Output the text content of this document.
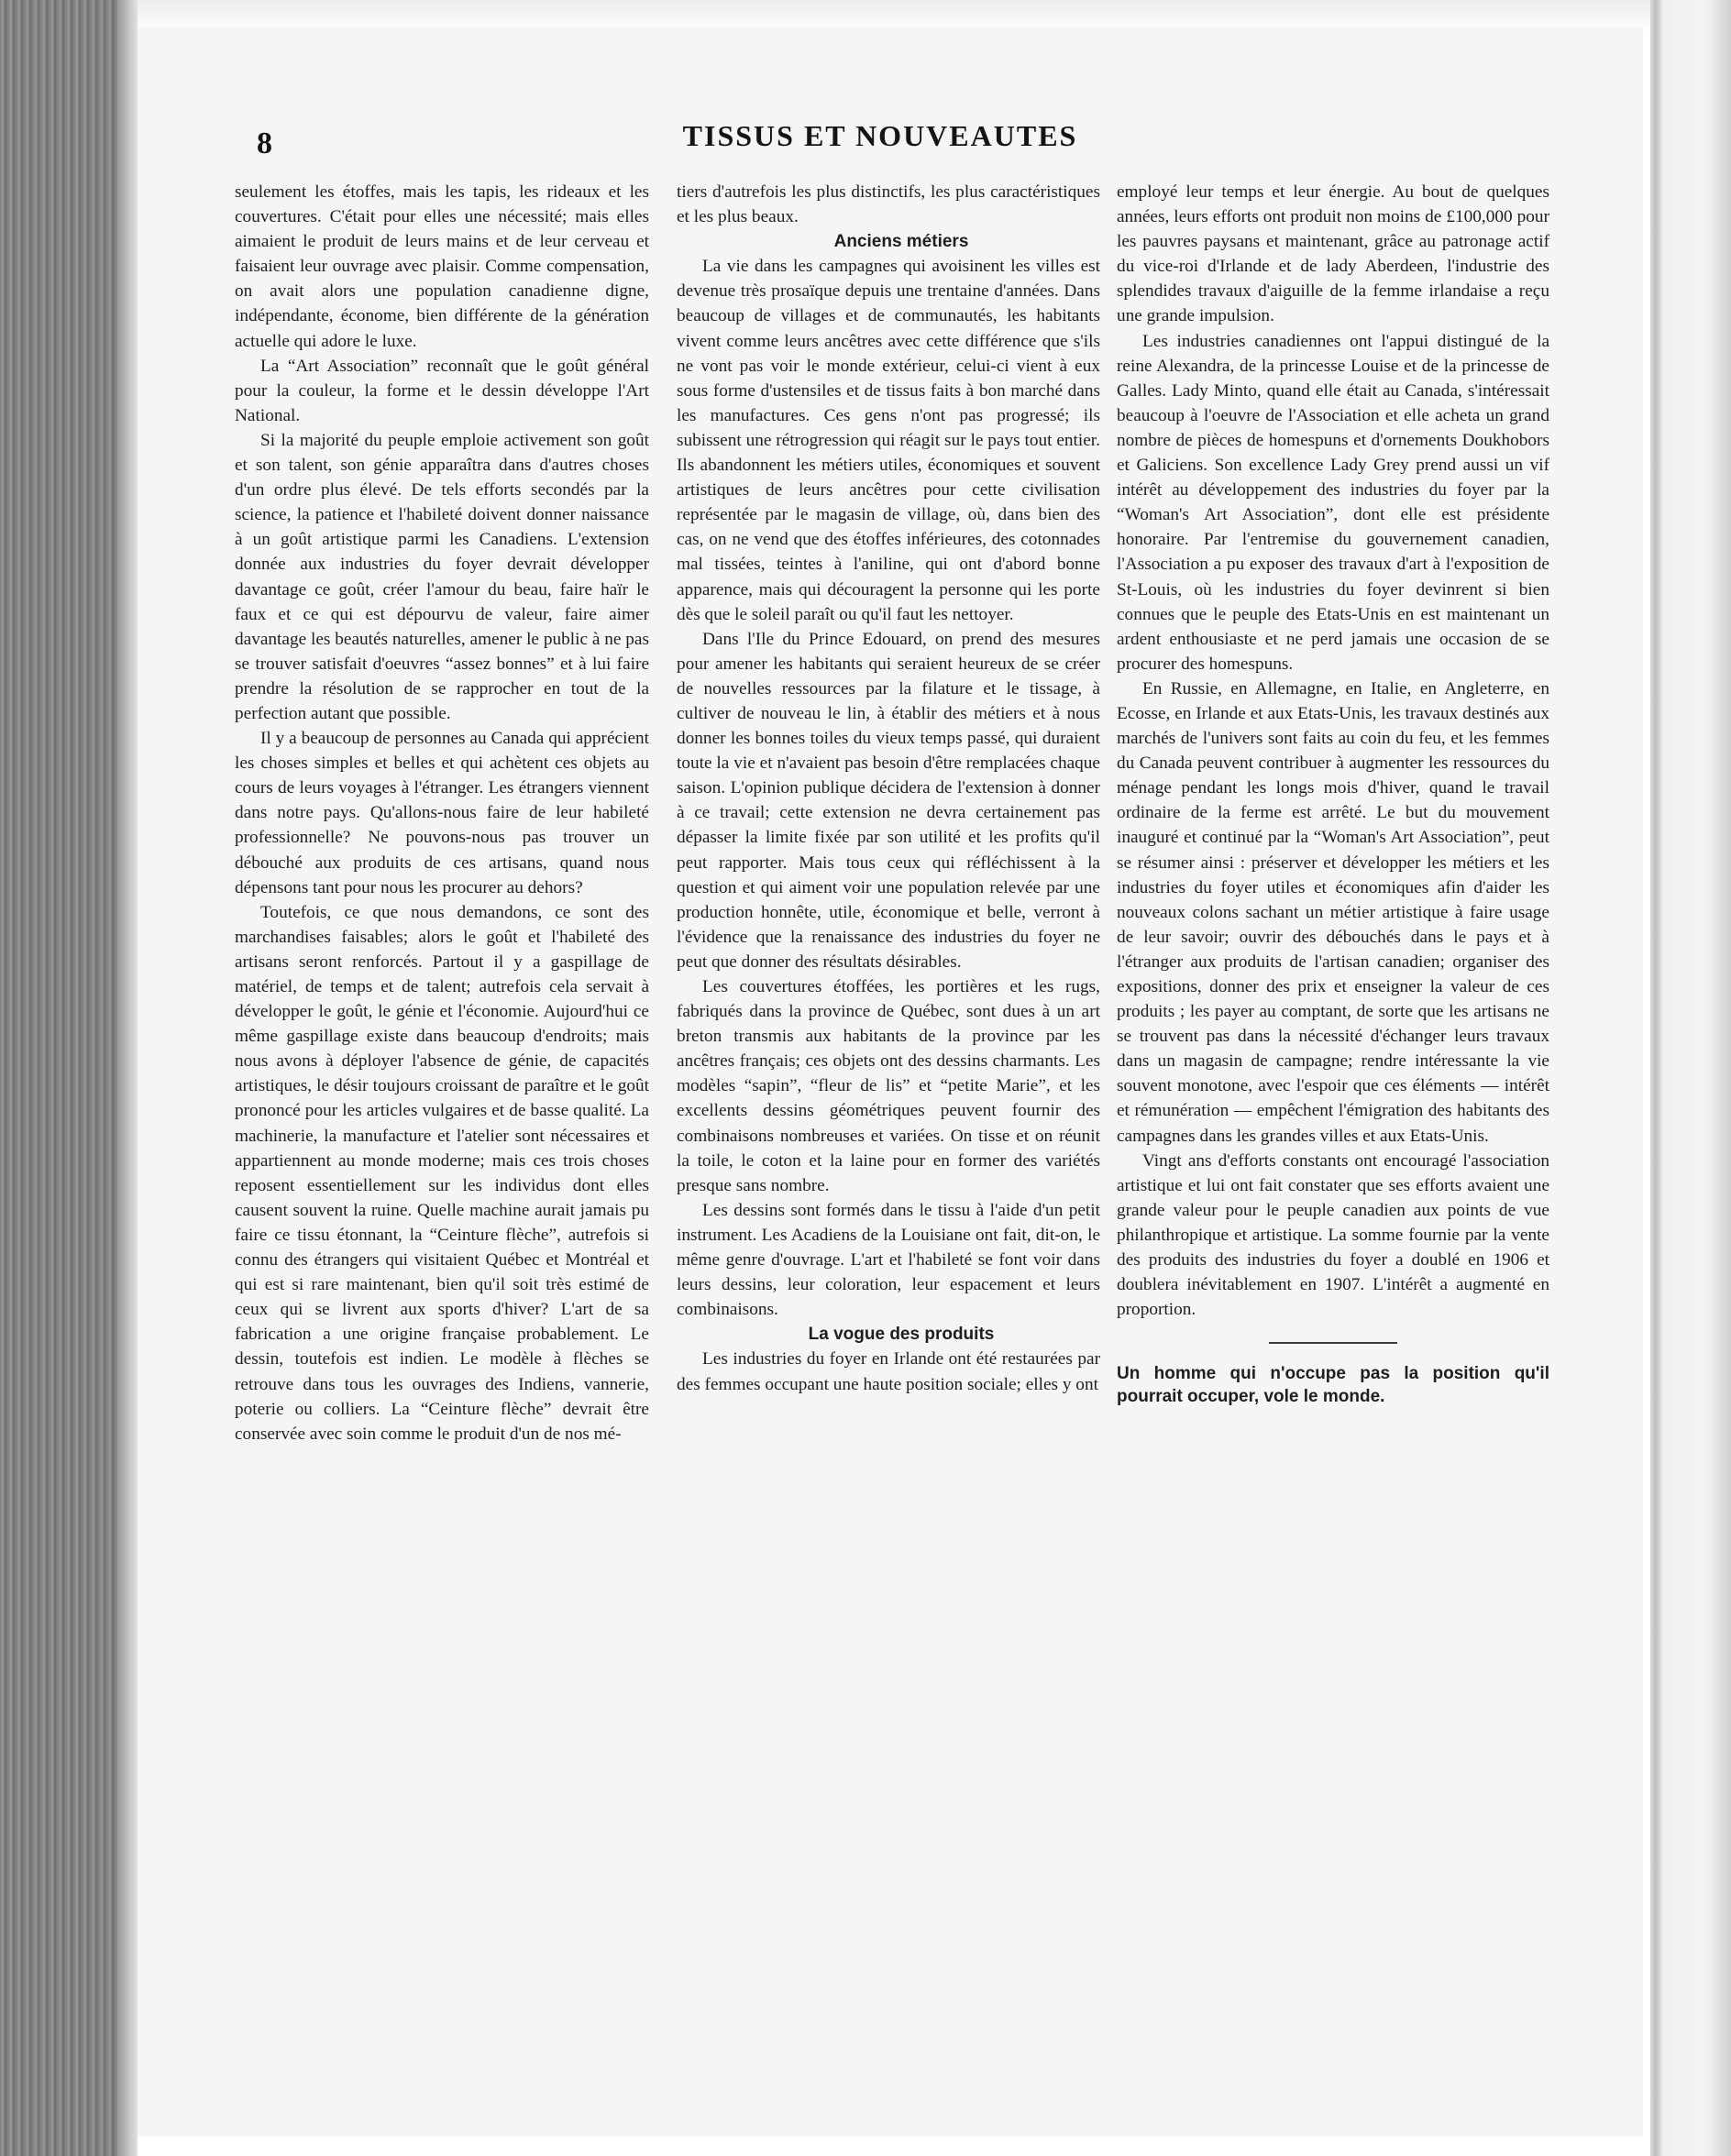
8	TISSUS ET NOUVEAUTES

seulement les étoffes, mais les tapis, les rideaux et les couvertures. C'était pour elles une nécessité; mais elles aimaient le produit de leurs mains et de leur cerveau et faisaient leur ouvrage avec plaisir. Comme compensation, on avait alors une population canadienne digne, indépendante, économe, bien différente de la génération actuelle qui adore le luxe.

La “Art Association” reconnaît que le goût général pour la couleur, la forme et le dessin développe l'Art National.

Si la majorité du peuple emploie activement son goût et son talent, son génie apparaîtra dans d'autres choses d'un ordre plus élevé. De tels efforts secondés par la science, la patience et l'habileté doivent donner naissance à un goût artistique parmi les Canadiens. L'extension donnée aux industries du foyer devrait développer davantage ce goût, créer l'amour du beau, faire haïr le faux et ce qui est dépourvu de valeur, faire aimer davantage les beautés naturelles, amener le public à ne pas se trouver satisfait d'oeuvres “assez bonnes” et à lui faire prendre la résolution de se rapprocher en tout de la perfection autant que possible.

Il y a beaucoup de personnes au Canada qui apprécient les choses simples et belles et qui achètent ces objets au cours de leurs voyages à l'étranger. Les étrangers viennent dans notre pays. Qu'allons-nous faire de leur habileté professionnelle? Ne pouvons-nous pas trouver un débouché aux produits de ces artisans, quand nous dépensons tant pour nous les procurer au dehors?

Toutefois, ce que nous demandons, ce sont des marchandises faisables; alors le goût et l'habileté des artisans seront renforcés. Partout il y a gaspillage de matériel, de temps et de talent; autrefois cela servait à développer le goût, le génie et l'économie. Aujourd'hui ce même gaspillage existe dans beaucoup d'endroits; mais nous avons à déployer l'absence de génie, de capacités artistiques, le désir toujours croissant de paraître et le goût prononcé pour les articles vulgaires et de basse qualité. La machinerie, la manufacture et l'atelier sont nécessaires et appartiennent au monde moderne; mais ces trois choses reposent essentiellement sur les individus dont elles causent souvent la ruine. Quelle machine aurait jamais pu faire ce tissu étonnant, la “Ceinture flèche”, autrefois si connu des étrangers qui visitaient Québec et Montréal et qui est si rare maintenant, bien qu'il soit très estimé de ceux qui se livrent aux sports d'hiver? L'art de sa fabrication a une origine française probablement. Le dessin, toutefois est indien. Le modèle à flèches se retrouve dans tous les ouvrages des Indiens, vannerie, poterie ou colliers. La “Ceinture flèche” devrait être conservée avec soin comme le produit d'un de nos mé-

tiers d'autrefois les plus distinctifs, les plus caractéristiques et les plus beaux.

Anciens métiers

La vie dans les campagnes qui avoisinent les villes est devenue très prosaïque depuis une trentaine d'années. Dans beaucoup de villages et de communautés, les habitants vivent comme leurs ancêtres avec cette différence que s'ils ne vont pas voir le monde extérieur, celui-ci vient à eux sous forme d'ustensiles et de tissus faits à bon marché dans les manufactures. Ces gens n'ont pas progressé; ils subissent une rétrogression qui réagit sur le pays tout entier. Ils abandonnent les métiers utiles, économiques et souvent artistiques de leurs ancêtres pour cette civilisation représentée par le magasin de village, où, dans bien des cas, on ne vend que des étoffes inférieures, des cotonnades mal tissées, teintes à l'aniline, qui ont d'abord bonne apparence, mais qui découragent la personne qui les porte dès que le soleil paraît ou qu'il faut les nettoyer.

Dans l'Ile du Prince Edouard, on prend des mesures pour amener les habitants qui seraient heureux de se créer de nouvelles ressources par la filature et le tissage, à cultiver de nouveau le lin, à établir des métiers et à nous donner les bonnes toiles du vieux temps passé, qui duraient toute la vie et n'avaient pas besoin d'être remplacées chaque saison. L'opinion publique décidera de l'extension à donner à ce travail; cette extension ne devra certainement pas dépasser la limite fixée par son utilité et les profits qu'il peut rapporter. Mais tous ceux qui réfléchissent à la question et qui aiment voir une population relevée par une production honnête, utile, économique et belle, verront à l'évidence que la renaissance des industries du foyer ne peut que donner des résultats désirables.

Les couvertures étoffées, les portières et les rugs, fabriqués dans la province de Québec, sont dues à un art breton transmis aux habitants de la province par les ancêtres français; ces objets ont des dessins charmants. Les modèles “sapin”, “fleur de lis” et “petite Marie”, et les excellents dessins géométriques peuvent fournir des combinaisons nombreuses et variées. On tisse et on réunit la toile, le coton et la laine pour en former des variétés presque sans nombre.

Les dessins sont formés dans le tissu à l'aide d'un petit instrument. Les Acadiens de la Louisiane ont fait, dit-on, le même genre d'ouvrage. L'art et l'habileté se font voir dans leurs dessins, leur coloration, leur espacement et leurs combinaisons.

La vogue des produits

Les industries du foyer en Irlande ont été restaurées par des femmes occupant une haute position sociale; elles y ont

employé leur temps et leur énergie. Au bout de quelques années, leurs efforts ont produit non moins de £100,000 pour les pauvres paysans et maintenant, grâce au patronage actif du vice-roi d'Irlande et de lady Aberdeen, l'industrie des splendides travaux d'aiguille de la femme irlandaise a reçu une grande impulsion.

Les industries canadiennes ont l'appui distingué de la reine Alexandra, de la princesse Louise et de la princesse de Galles. Lady Minto, quand elle était au Canada, s'intéressait beaucoup à l'oeuvre de l'Association et elle acheta un grand nombre de pièces de homespuns et d'ornements Doukhobors et Galiciens. Son excellence Lady Grey prend aussi un vif intérêt au développement des industries du foyer par la “Woman's Art Association”, dont elle est présidente honoraire. Par l'entremise du gouvernement canadien, l'Association a pu exposer des travaux d'art à l'exposition de St-Louis, où les industries du foyer devinrent si bien connues que le peuple des Etats-Unis en est maintenant un ardent enthousiaste et ne perd jamais une occasion de se procurer des homespuns.

En Russie, en Allemagne, en Italie, en Angleterre, en Ecosse, en Irlande et aux Etats-Unis, les travaux destinés aux marchés de l'univers sont faits au coin du feu, et les femmes du Canada peuvent contribuer à augmenter les ressources du ménage pendant les longs mois d'hiver, quand le travail ordinaire de la ferme est arrêté. Le but du mouvement inauguré et continué par la “Woman's Art Association”, peut se résumer ainsi : préserver et développer les métiers et les industries du foyer utiles et économiques afin d'aider les nouveaux colons sachant un métier artistique à faire usage de leur savoir; ouvrir des débouchés dans le pays et à l'étranger aux produits de l'artisan canadien; organiser des expositions, donner des prix et enseigner la valeur de ces produits ; les payer au comptant, de sorte que les artisans ne se trouvent pas dans la nécessité d'échanger leurs travaux dans un magasin de campagne; rendre intéressante la vie souvent monotone, avec l'espoir que ces éléments — intérêt et rémunération — empêchent l'émigration des habitants des campagnes dans les grandes villes et aux Etats-Unis.

Vingt ans d'efforts constants ont encouragé l'association artistique et lui ont fait constater que ses efforts avaient une grande valeur pour le peuple canadien aux points de vue philanthropique et artistique. La somme fournie par la vente des produits des industries du foyer a doublé en 1906 et doublera inévitablement en 1907. L'intérêt a augmenté en proportion.

Un homme qui n'occupe pas la position qu'il pourrait occuper, vole le monde.
